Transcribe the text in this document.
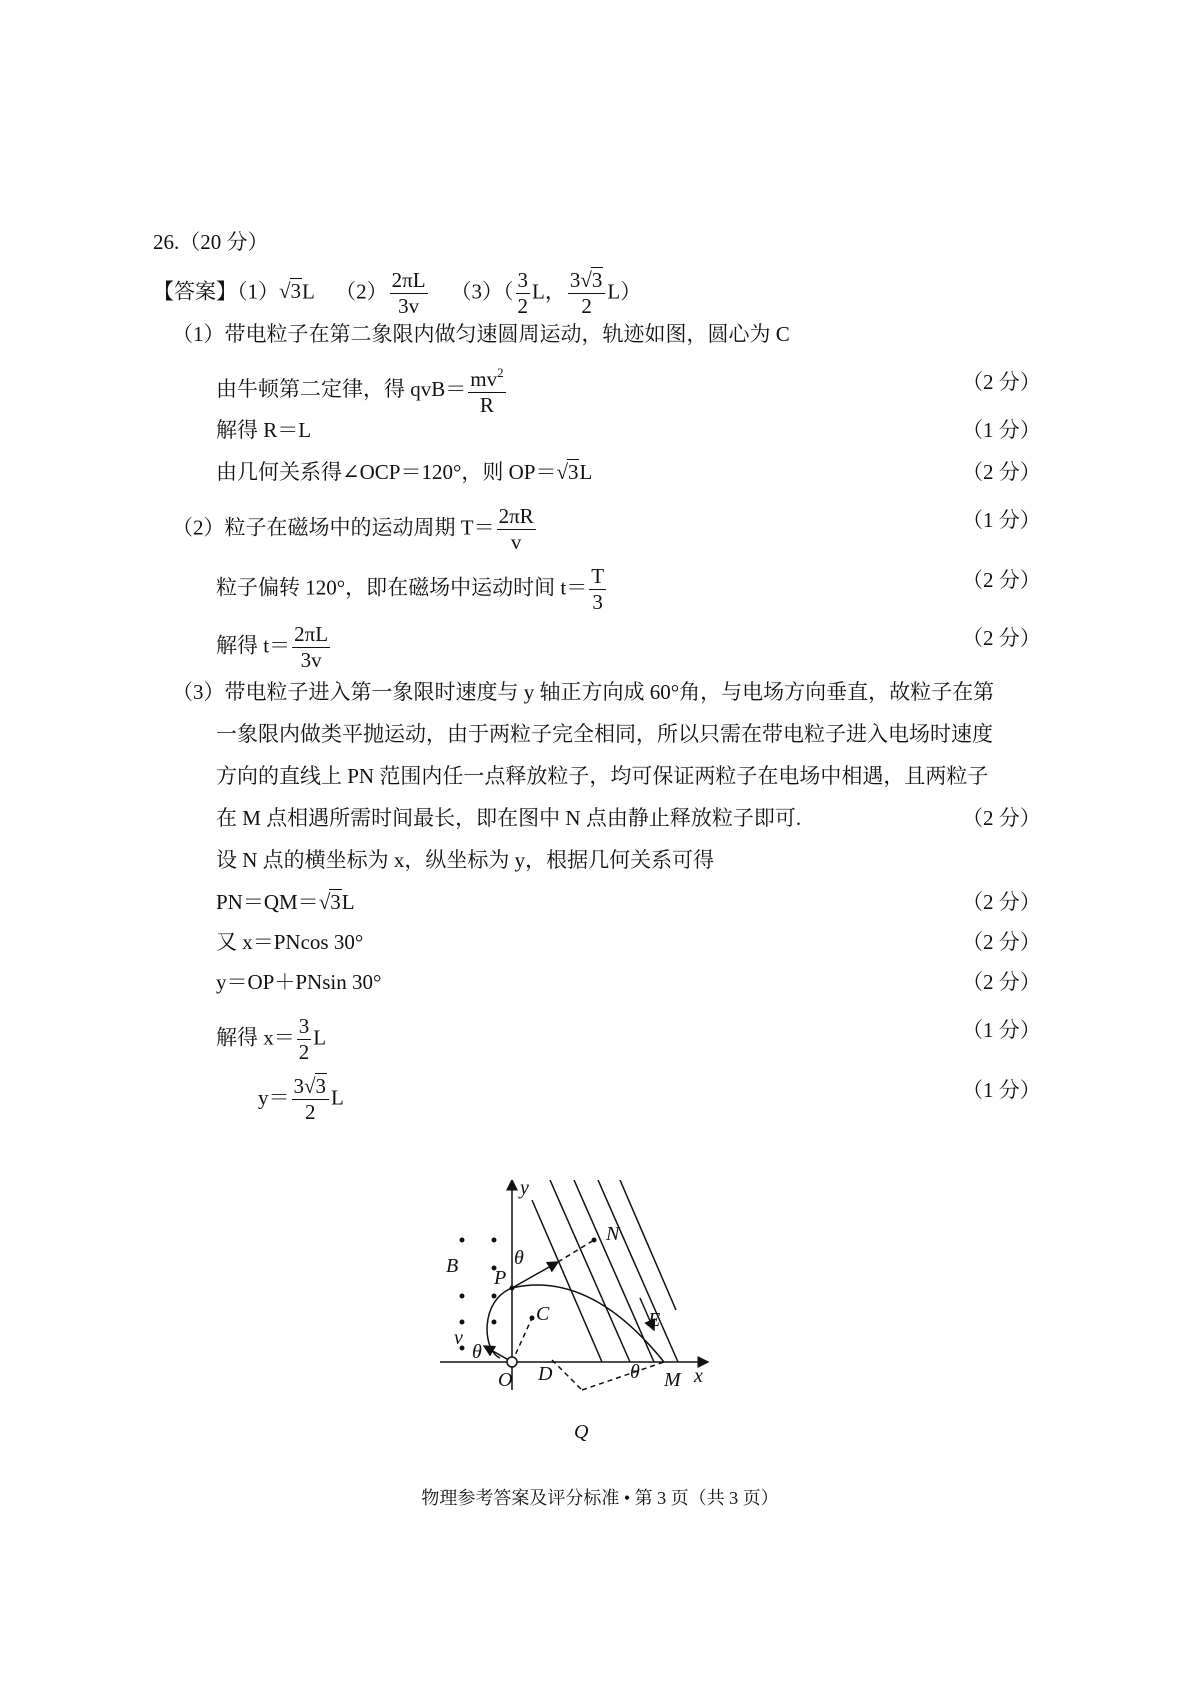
26.（20 分）
【答案】（1）√3L $(2) \frac{2\pi L}{3v} (3)( \frac{3}{2}$ L， $\frac{3√3}{2} L$）
（1）带电粒子在第二象限内做匀速圆周运动，轨迹如图，圆心为 C
由牛顿第二定律，得 $qvB= \frac{mv^2}{R}$	（2 分）
解得 R＝L	（1 分）
由几何关系得∠OCP＝120°，则 OP＝√3L	（2 分）
（2）粒子在磁场中的运动周期 $T= \frac{2\pi R}{v}$	（1 分）
粒子偏转 120°，即在磁场中运动时间 $t= \frac{T}{3}$	（2 分）
解得 $t= \frac{2\pi L}{3v}$	（2 分）
（3）带电粒子进入第一象限时速度与 y 轴正方向成 60°角，与电场方向垂直，故粒子在第
一象限内做类平抛运动，由于两粒子完全相同，所以只需在带电粒子进入电场时速度
方向的直线上 PN 范围内任一点释放粒子，均可保证两粒子在电场中相遇，且两粒子
在 M 点相遇所需时间最长，即在图中 N 点由静止释放粒子即可.	（2 分）
设 N 点的横坐标为 x，纵坐标为 y，根据几何关系可得
PN＝QM＝√3L	（2 分）
又 x＝PNcos 30°	（2 分）
y＝OP＋PNsin 30°	（2 分）
解得 $x= \frac{3}{2}$ L	（1 分）
$y= \frac{3√3}{2}$ L	（1 分）
y
N
θ
B
P
C	E
v
θ
O D	θ M x
Q
物理参考答案及评分标准 • 第 3 页（共 3 页）
